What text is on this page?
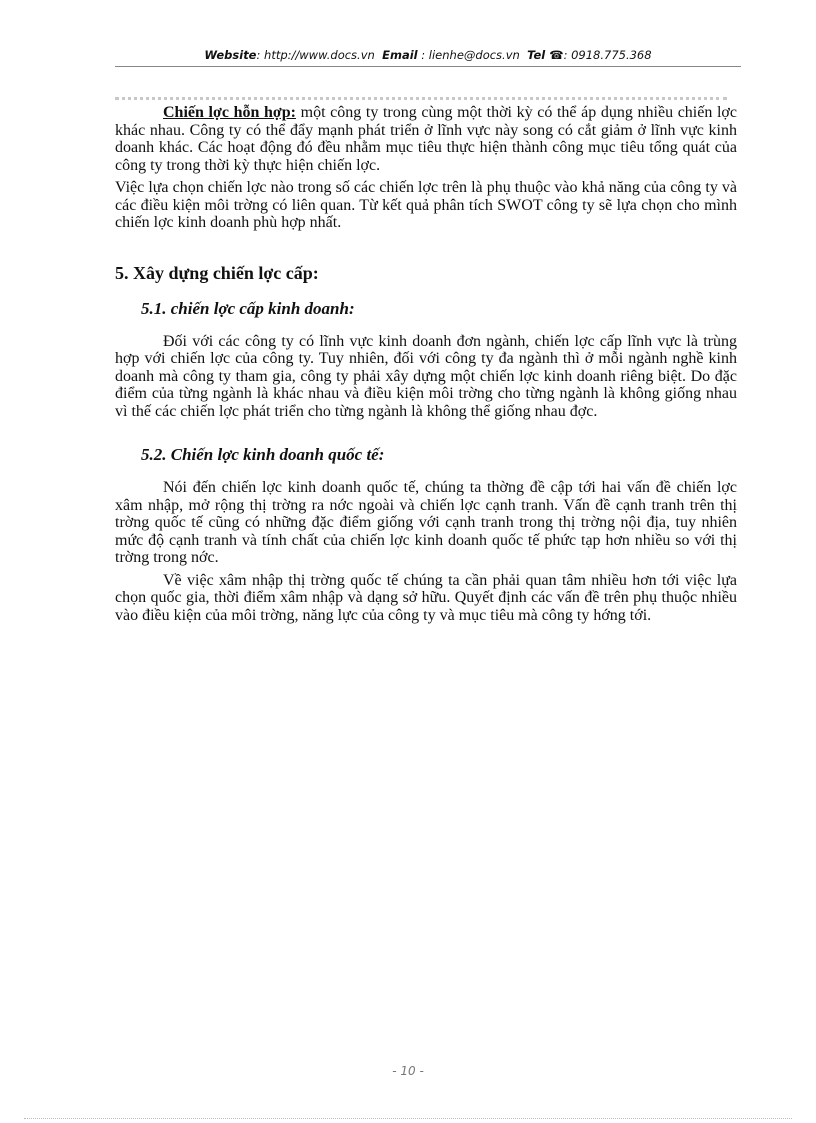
Website: http://www.docs.vn Email : lienhe@docs.vn Tel ☎: 0918.775.368

Chiến lợc hỗn hợp: một công ty trong cùng một thời kỳ có thể áp dụng nhiều chiến lợc khác nhau. Công ty có thể đẩy mạnh phát triển ở lĩnh vực này song có cắt giảm ở lĩnh vực kinh doanh khác. Các hoạt động đó đều nhằm mục tiêu thực hiện thành công mục tiêu tổng quát của công ty trong thời kỳ thực hiện chiến lợc.

Việc lựa chọn chiến lợc nào trong số các chiến lợc trên là phụ thuộc vào khả năng của công ty và các điều kiện môi trờng có liên quan. Từ kết quả phân tích SWOT công ty sẽ lựa chọn cho mình chiến lợc kinh doanh phù hợp nhất.

5. Xây dựng chiến lợc cấp:
5.1. chiến lợc cấp kinh doanh:

Đối với các công ty có lĩnh vực kinh doanh đơn ngành, chiến lợc cấp lĩnh vực là trùng hợp với chiến lợc của công ty. Tuy nhiên, đối với công ty đa ngành thì ở mỗi ngành nghề kinh doanh mà công ty tham gia, công ty phải xây dựng một chiến lợc kinh doanh riêng biệt. Do đặc điểm của từng ngành là khác nhau và điều kiện môi trờng cho từng ngành là không giống nhau vì thế các chiến lợc phát triển cho từng ngành là không thể giống nhau đợc.

5.2. Chiến lợc kinh doanh quốc tế:

Nói đến chiến lợc kinh doanh quốc tế, chúng ta thờng đề cập tới hai vấn đề chiến lợc xâm nhập, mở rộng thị trờng ra nớc ngoài và chiến lợc cạnh tranh. Vấn đề cạnh tranh trên thị trờng quốc tế cũng có những đặc điểm giống với cạnh tranh trong thị trờng nội địa, tuy nhiên mức độ cạnh tranh và tính chất của chiến lợc kinh doanh quốc tế phức tạp hơn nhiều so với thị trờng trong nớc.

Về việc xâm nhập thị trờng quốc tế chúng ta cần phải quan tâm nhiều hơn tới việc lựa chọn quốc gia, thời điểm xâm nhập và dạng sở hữu. Quyết định các vấn đề trên phụ thuộc nhiều vào điều kiện của môi trờng, năng lực của công ty và mục tiêu mà công ty hớng tới.

- 10 -
